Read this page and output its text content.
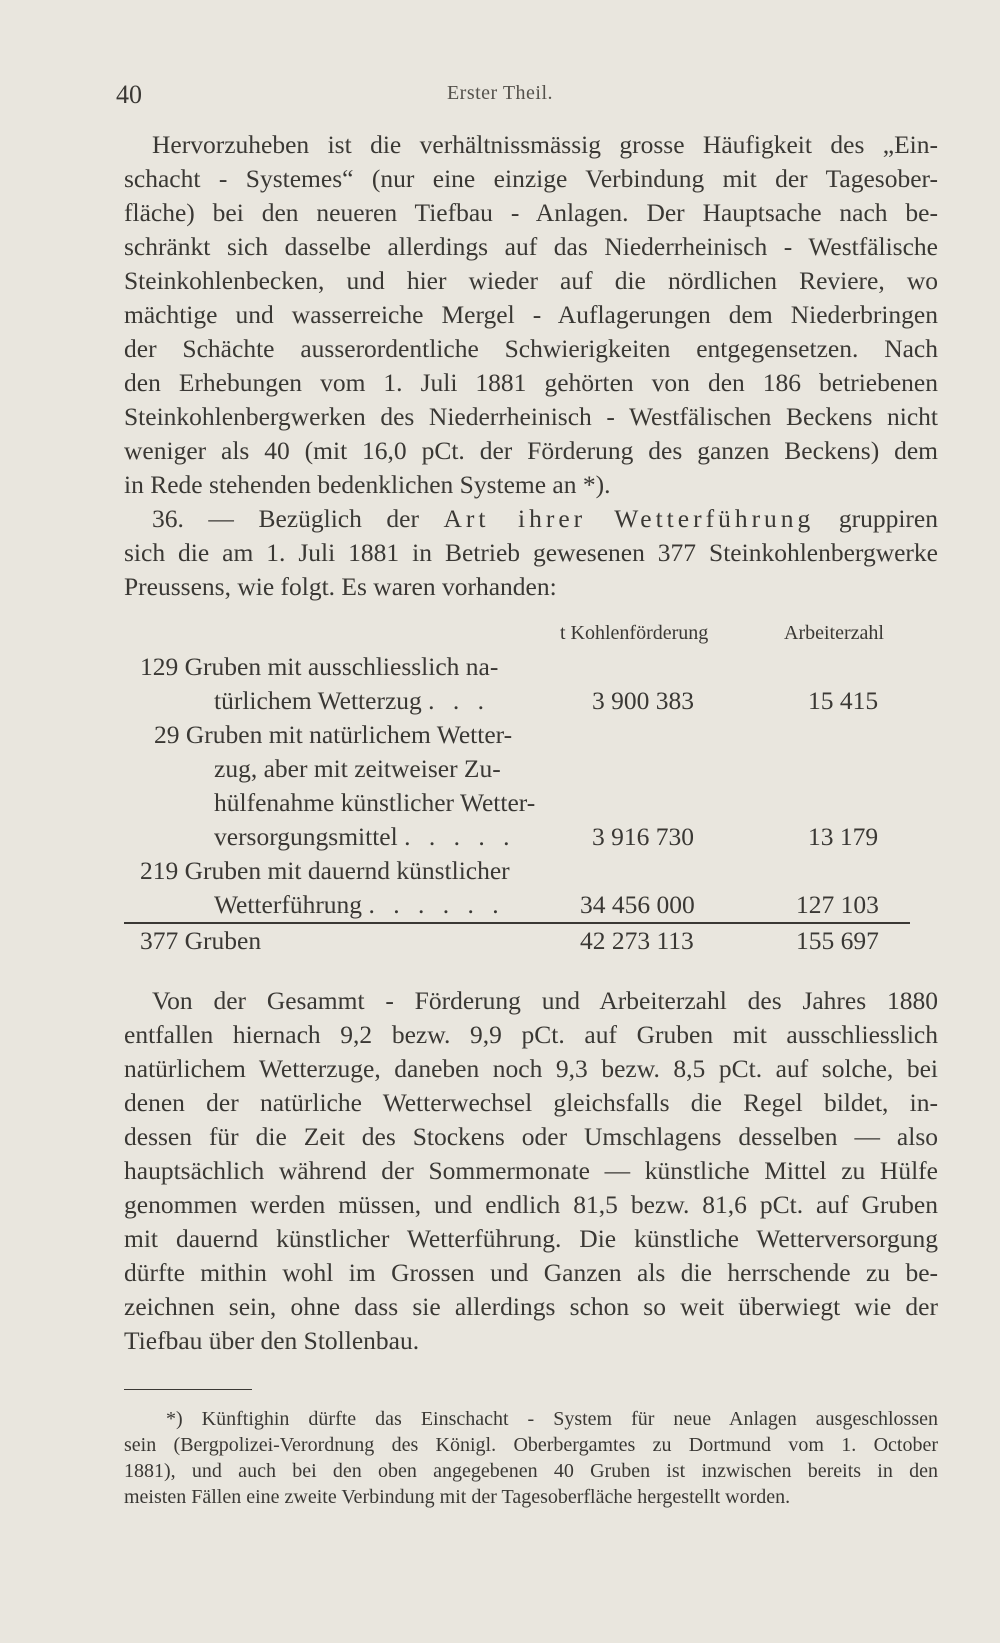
40	Erster Theil.
Hervorzuheben ist die verhältnissmässig grosse Häufigkeit des „Ein-
schacht - Systemes“ (nur eine einzige Verbindung mit der Tagesober-
fläche) bei den neueren Tiefbau - Anlagen. Der Hauptsache nach be-
schränkt sich dasselbe allerdings auf das Niederrheinisch - Westfälische
Steinkohlenbecken, und hier wieder auf die nördlichen Reviere, wo
mächtige und wasserreiche Mergel - Auflagerungen dem Niederbringen
der Schächte ausserordentliche Schwierigkeiten entgegensetzen. Nach
den Erhebungen vom 1. Juli 1881 gehörten von den 186 betriebenen
Steinkohlenbergwerken des Niederrheinisch - Westfälischen Beckens nicht
weniger als 40 (mit 16,0 pCt. der Förderung des ganzen Beckens) dem
in Rede stehenden bedenklichen Systeme an *).
36. — Bezüglich der Art ihrer Wetterführung gruppiren
sich die am 1. Juli 1881 in Betrieb gewesenen 377 Steinkohlenbergwerke
Preussens, wie folgt. Es waren vorhanden:
t Kohlenförderung	Arbeiterzahl
129 Gruben mit ausschliesslich na-
türlichem Wetterzug . . .	3 900 383	15 415
29 Gruben mit natürlichem Wetter-
zug, aber mit zeitweiser Zu-
hülfenahme künstlicher Wetter-
versorgungsmittel . . . . .	3 916 730	13 179
219 Gruben mit dauernd künstlicher
Wetterführung . . . . . .	34 456 000	127 103
377 Gruben	42 273 113	155 697
Von der Gesammt - Förderung und Arbeiterzahl des Jahres 1880
entfallen hiernach 9,2 bezw. 9,9 pCt. auf Gruben mit ausschliesslich
natürlichem Wetterzuge, daneben noch 9,3 bezw. 8,5 pCt. auf solche, bei
denen der natürliche Wetterwechsel gleichsfalls die Regel bildet, in-
dessen für die Zeit des Stockens oder Umschlagens desselben — also
hauptsächlich während der Sommermonate — künstliche Mittel zu Hülfe
genommen werden müssen, und endlich 81,5 bezw. 81,6 pCt. auf Gruben
mit dauernd künstlicher Wetterführung. Die künstliche Wetterversorgung
dürfte mithin wohl im Grossen und Ganzen als die herrschende zu be-
zeichnen sein, ohne dass sie allerdings schon so weit überwiegt wie der
Tiefbau über den Stollenbau.
*) Künftighin dürfte das Einschacht - System für neue Anlagen ausgeschlossen
sein (Bergpolizei-Verordnung des Königl. Oberbergamtes zu Dortmund vom 1. October
1881), und auch bei den oben angegebenen 40 Gruben ist inzwischen bereits in den
meisten Fällen eine zweite Verbindung mit der Tagesoberfläche hergestellt worden.
